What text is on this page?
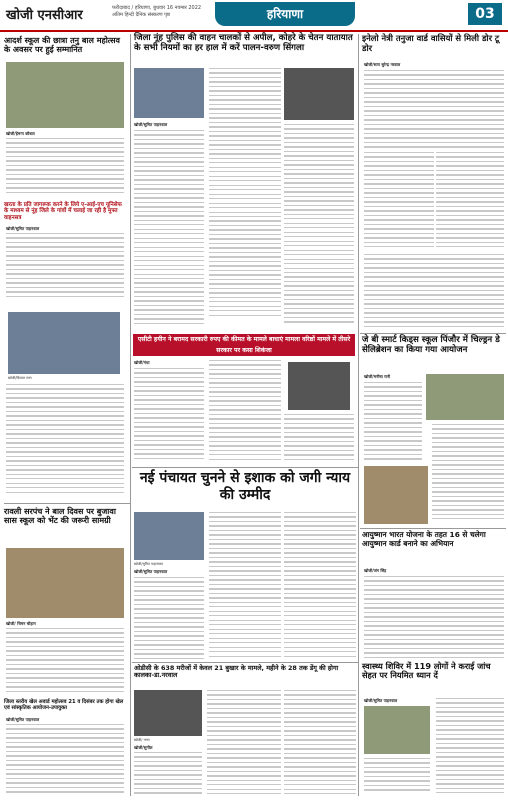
खोजी एनसीआर	फरीदाबाद / हरियाणा, बुधवार 16 नवम्बर 2022
अंतिम हिन्दी दैनिक संस्करण पृष्ठ	हरियाणा	03
आदर्श स्कूल की छात्रा तनु बाल महोत्सव के अवसर पर हुई सम्मानित
खोजी/हेमन्त कौशल
खरता के प्रति जागरूक करने के लिये ए-आई-एच यूनिसेफ के माध्यम से नूंह जिले के गांवों में चलाई जा रही है मुफ्त वाहनसत्र
खोजी/सुमित पाहनवाल
खोजी/विशाल रमन
रावली सरपंच ने बाल दिवस पर बुजावा सास स्कूल को भेंट की जरूरी सामग्री
खोजी/ चिमन चौहान
जिला स्तरीय खेल अवार्ड महोत्सव 21 व दिसंबर तक होगा खेल एवं सांस्कृतिक आयोजन-उपायुक्त
खोजी/सुमित पाहनवाल
जिला नूंह पुलिस की वाहन चालकों से अपील, कोहरे के चेतन यातायात के सभी नियमों का हर हाल में करें पालन-वरुण सिंगला
खोजी/सुमित पाहनवाल
एसीटी हयीन ने बरामद सरकारी रुपए की कीमत के मामले बाधाएं मामला वरिष्ठों मामले में तीसरे सरकार पर कसा शिकंजा
खोजी/गंधा
इनेलो नेत्री तनुजा वार्ड वासियों से मिली डोर टू डोर
खोजी/सत्य सुरेन्द्र नरवाल
जे बी स्मार्ट किड्स स्कूल पिंजौर में चिल्ड्रन डे सेलिब्रेशन का किया गया आयोजन
खोजी/मनीषा रानी
नई पंचायत चुनने से इशाक को जगी न्याय की उम्मीद
खोजी/सुमित पाहनवाल
खोजी/सुमित पाहनवाल
आयुष्मान भारत योजना के तहत 16 से चलेगा आयुष्मान कार्ड बनाने का अभियान
खोजी/जंग सिंह
ओडीसी के 638 मरीजों में केवल 21 बुखार के मामले, महीने के 28 तक डेंगू की होगा कालका-डा.नरवाल
खोजी/ नमन
खोजी/सुनील
स्वास्थ्य शिविर में 119 लोगों ने कराई जांच सेहत पर नियमित ध्यान दें
खोजी/सुमित पाहनवाल
